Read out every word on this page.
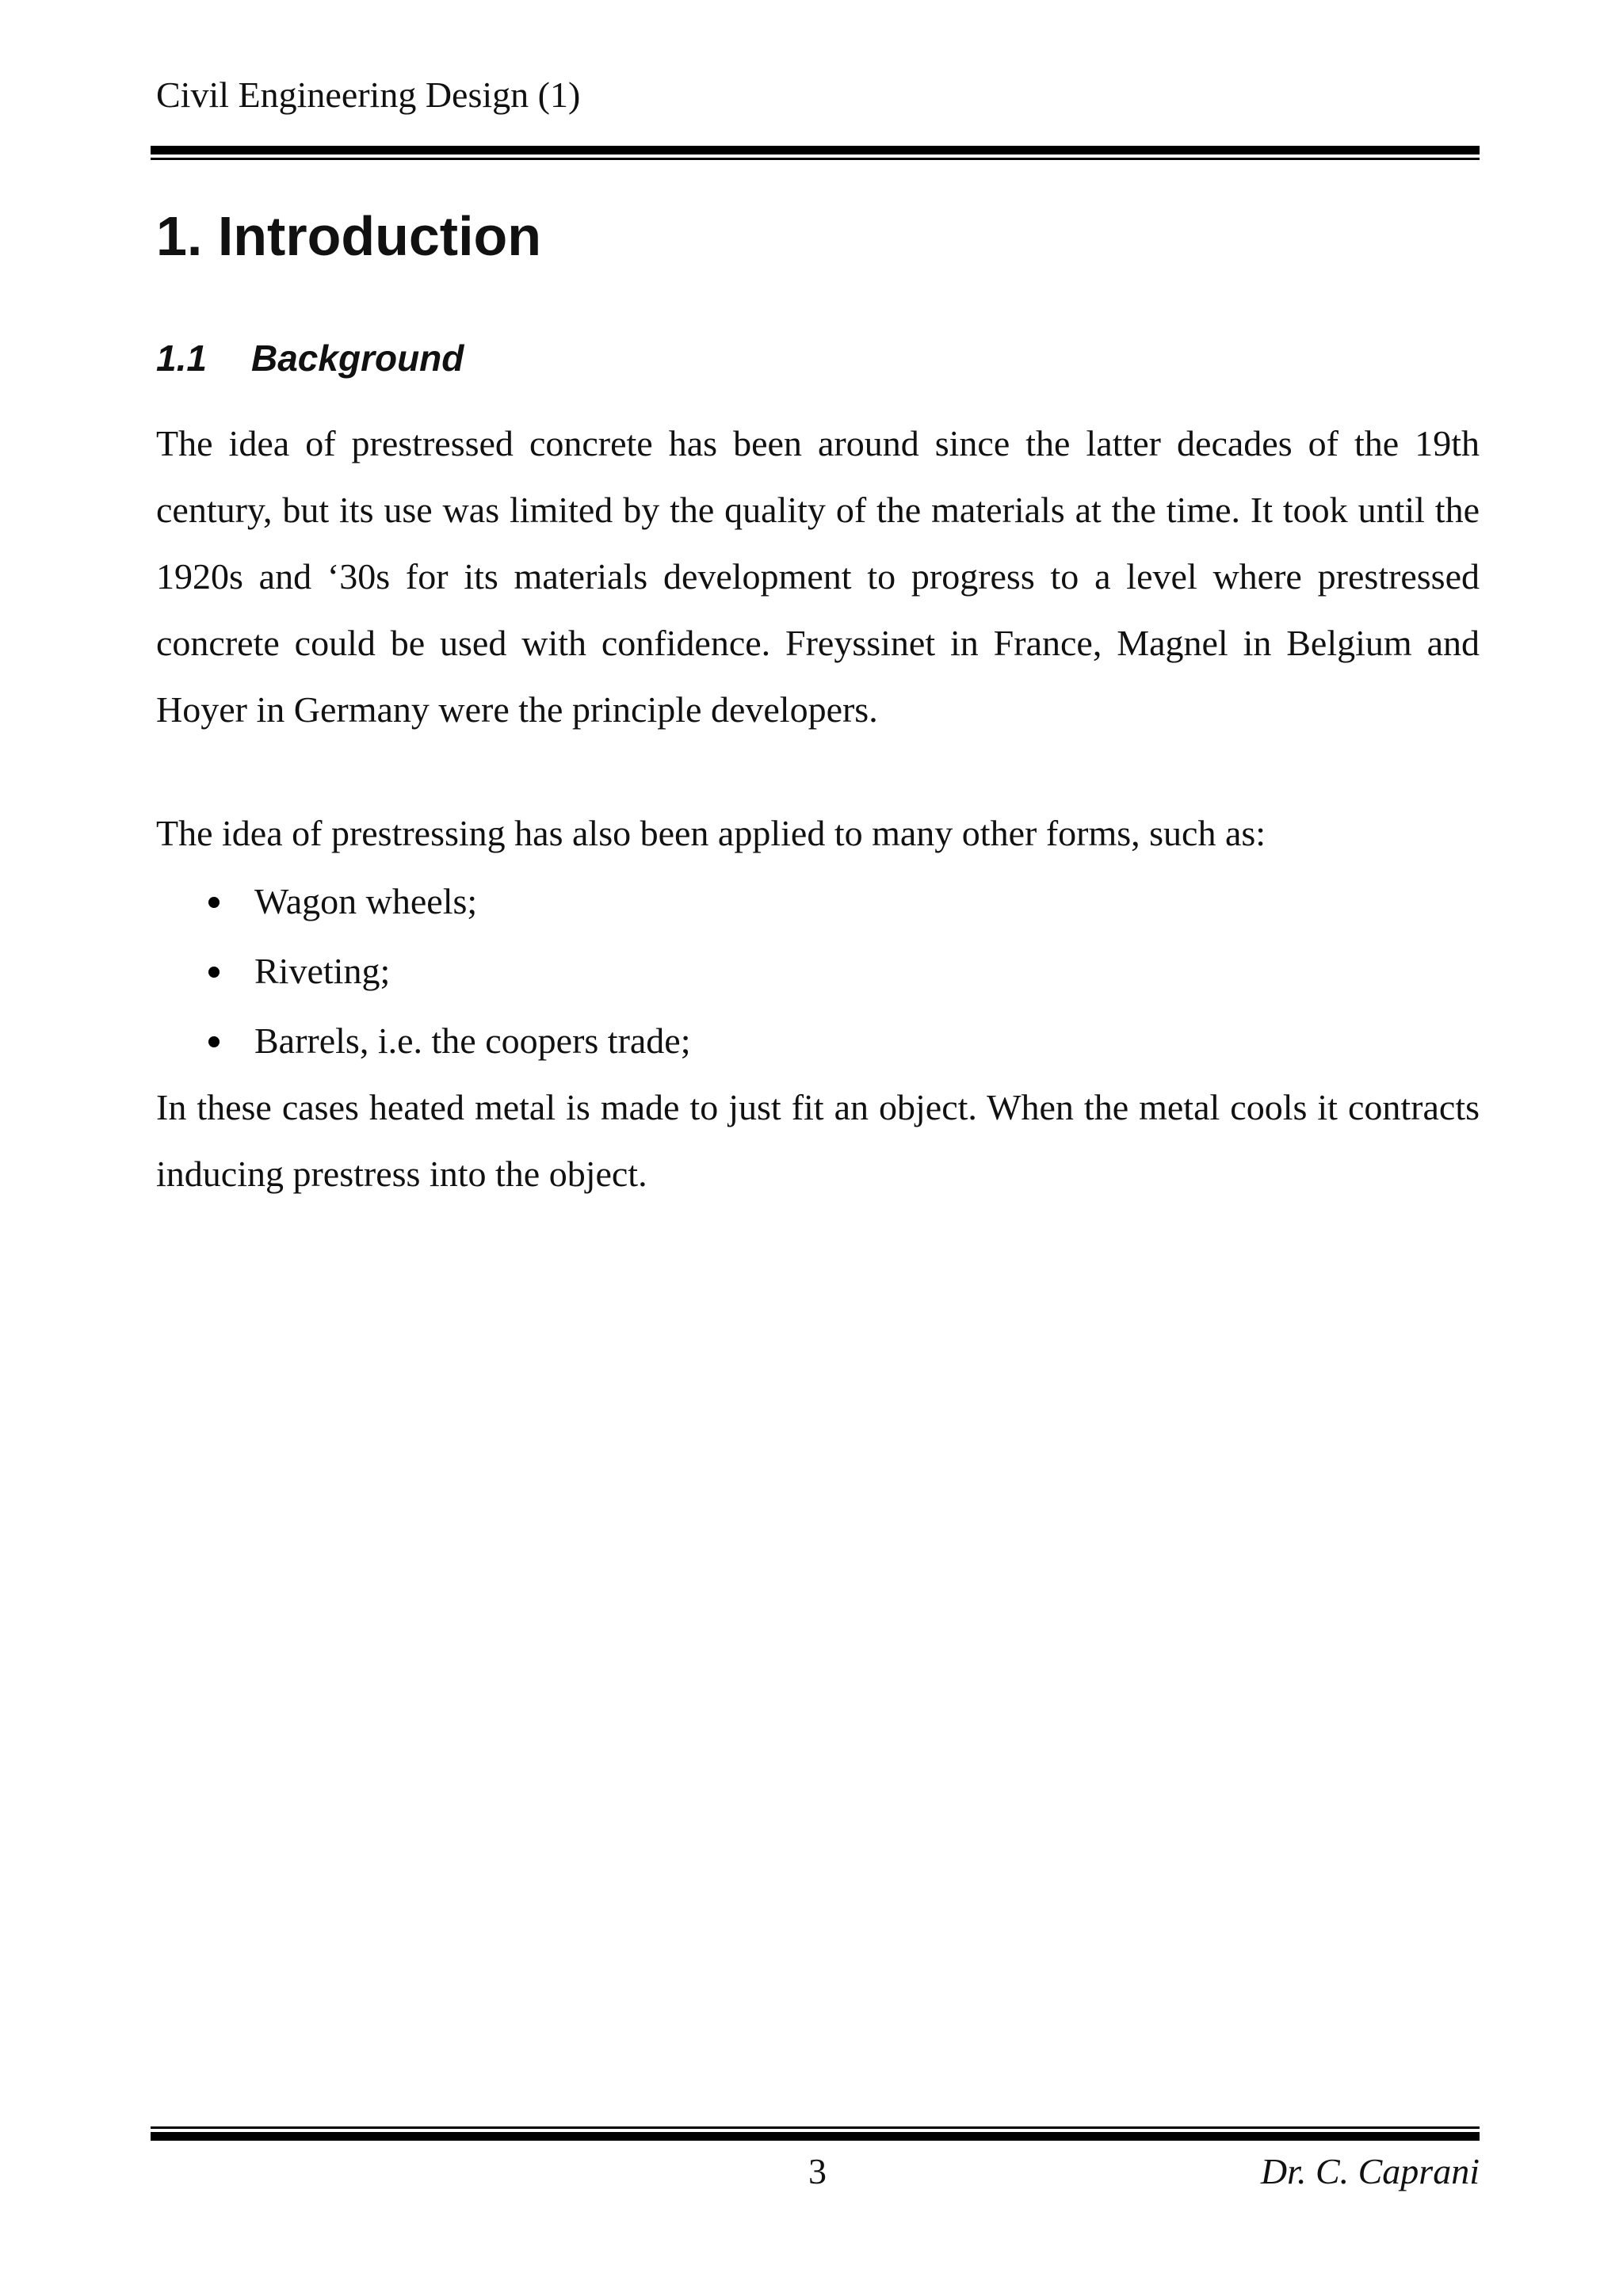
Civil Engineering Design (1)
1. Introduction
1.1 Background

The idea of prestressed concrete has been around since the latter decades of the 19th century, but its use was limited by the quality of the materials at the time. It took until the 1920s and ‘30s for its materials development to progress to a level where prestressed concrete could be used with confidence. Freyssinet in France, Magnel in Belgium and Hoyer in Germany were the principle developers.

The idea of prestressing has also been applied to many other forms, such as:

Wagon wheels;
Riveting;
Barrels, i.e. the coopers trade;

In these cases heated metal is made to just fit an object. When the metal cools it contracts inducing prestress into the object.

3	Dr. C. Caprani
